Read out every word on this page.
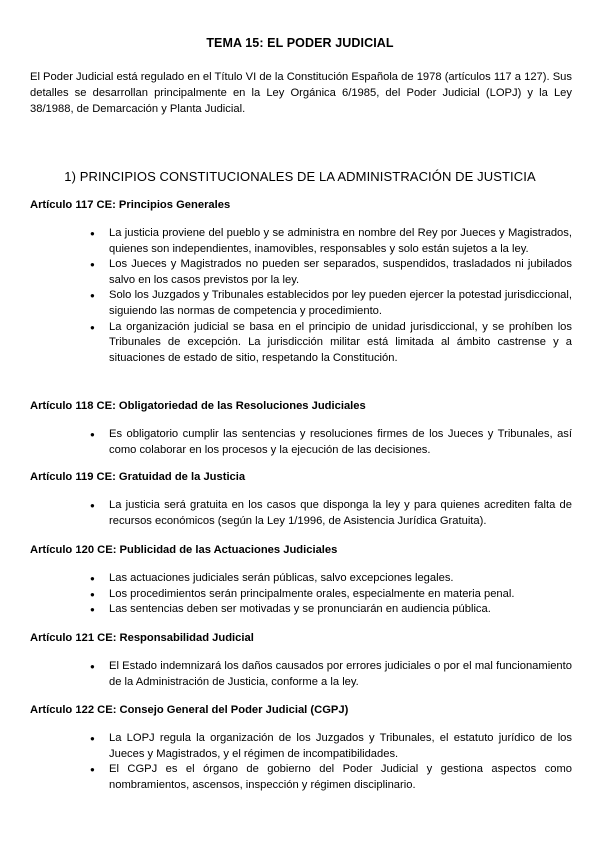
TEMA 15: EL PODER JUDICIAL
El Poder Judicial está regulado en el Título VI de la Constitución Española de 1978 (artículos 117 a 127). Sus detalles se desarrollan principalmente en la Ley Orgánica 6/1985, del Poder Judicial (LOPJ) y la Ley 38/1988, de Demarcación y Planta Judicial.
1) PRINCIPIOS CONSTITUCIONALES DE LA ADMINISTRACIÓN DE JUSTICIA
Artículo 117 CE: Principios Generales
● La justicia proviene del pueblo y se administra en nombre del Rey por Jueces y Magistrados, quienes son independientes, inamovibles, responsables y solo están sujetos a la ley.
● Los Jueces y Magistrados no pueden ser separados, suspendidos, trasladados ni jubilados salvo en los casos previstos por la ley.
● Solo los Juzgados y Tribunales establecidos por ley pueden ejercer la potestad jurisdiccional, siguiendo las normas de competencia y procedimiento.
● La organización judicial se basa en el principio de unidad jurisdiccional, y se prohíben los Tribunales de excepción. La jurisdicción militar está limitada al ámbito castrense y a situaciones de estado de sitio, respetando la Constitución.
Artículo 118 CE: Obligatoriedad de las Resoluciones Judiciales
● Es obligatorio cumplir las sentencias y resoluciones firmes de los Jueces y Tribunales, así como colaborar en los procesos y la ejecución de las decisiones.
Artículo 119 CE: Gratuidad de la Justicia
● La justicia será gratuita en los casos que disponga la ley y para quienes acrediten falta de recursos económicos (según la Ley 1/1996, de Asistencia Jurídica Gratuita).
Artículo 120 CE: Publicidad de las Actuaciones Judiciales
● Las actuaciones judiciales serán públicas, salvo excepciones legales.
● Los procedimientos serán principalmente orales, especialmente en materia penal.
● Las sentencias deben ser motivadas y se pronunciarán en audiencia pública.
Artículo 121 CE: Responsabilidad Judicial
● El Estado indemnizará los daños causados por errores judiciales o por el mal funcionamiento de la Administración de Justicia, conforme a la ley.
Artículo 122 CE: Consejo General del Poder Judicial (CGPJ)
● La LOPJ regula la organización de los Juzgados y Tribunales, el estatuto jurídico de los Jueces y Magistrados, y el régimen de incompatibilidades.
● El CGPJ es el órgano de gobierno del Poder Judicial y gestiona aspectos como nombramientos, ascensos, inspección y régimen disciplinario.
